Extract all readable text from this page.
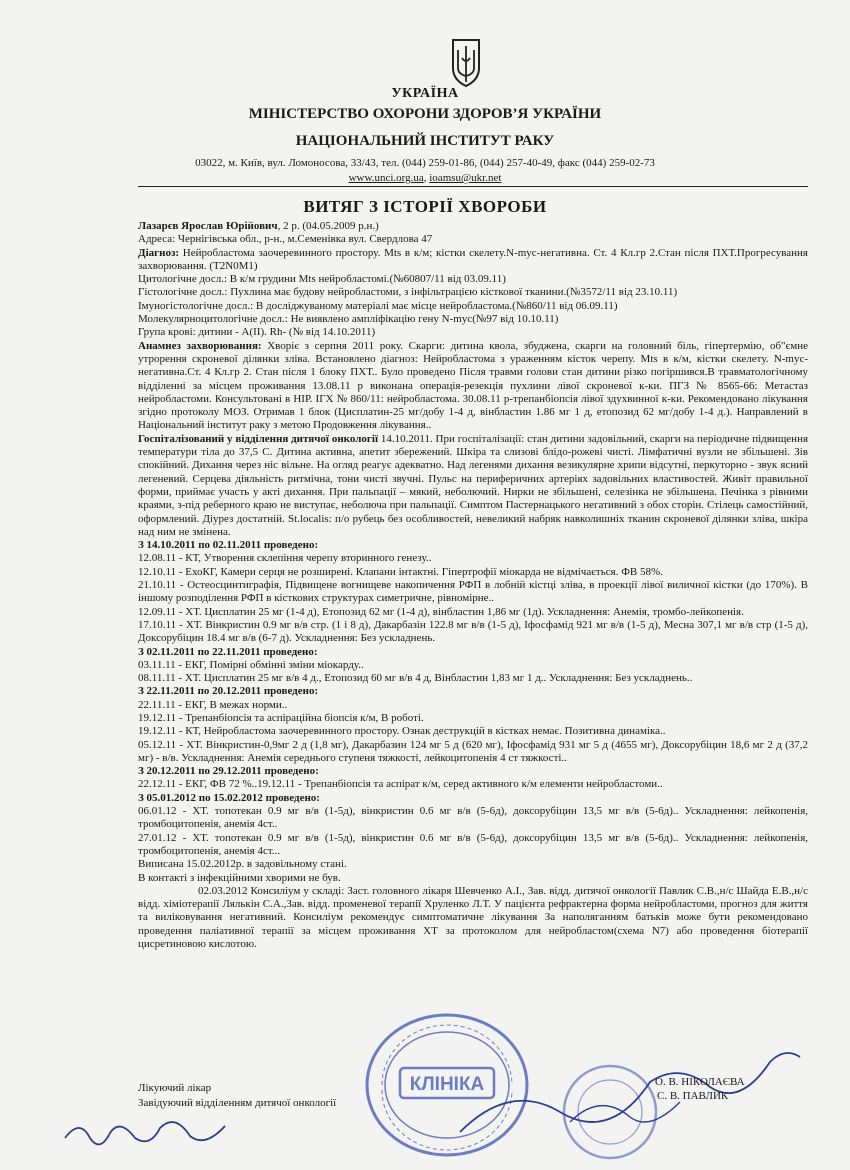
УКРАЇНА
МІНІСТЕРСТВО ОХОРОНИ ЗДОРОВ’Я УКРАЇНИ
НАЦІОНАЛЬНИЙ ІНСТИТУТ РАКУ
03022, м. Київ, вул. Ломоносова, 33/43, тел. (044) 259-01-86, (044) 257-40-49, факс (044) 259-02-73
www.unci.org.ua, ioamsu@ukr.net
ВИТЯГ З ІСТОРІЇ ХВОРОБИ

Лазарєв Ярослав Юрійович, 2 р. (04.05.2009 р.н.)

Адреса: Чернігівська обл., р-н., м.Семенівка вул. Свердлова 47

Діагноз: Нейробластома заочеревинного простору. Mts в к/м; кістки скелету.N-myc-негативна. Ст. 4 Кл.гр 2.Стан після ПХТ.Прогресування захворювання. (T2N0M1)

Цитологічне досл.: В к/м грудини Mts нейробластомі.(№60807/11 від 03.09.11)

Гістологічне досл.: Пухлина має будову нейробластоми, з інфільтрацією кісткової тканини.(№3572/11 від 23.10.11)

Імуногістологічне досл.: В досліджуваному матеріалі має місце нейробластома.(№860/11 від 06.09.11)

Молекулярноцитологічне досл.: Не виявлено ампліфікацію гену N-myc(№97 від 10.10.11)

Група крові: дитини - A(II). Rh- (№ від 14.10.2011)

Анамнез захворювання: Хворіє з серпня 2011 року. Скарги: дитина кволa, збуджена, скарги на головний біль, гіпертермію, об"ємне утрорення скроневої ділянки зліва. Встановлено діагноз: Нейробластома з ураженням кісток черепу. Mts в к/м, кістки скелету. N-myc-негативна.Ст. 4 Кл.гр 2. Стан після 1 блоку ПХТ.. Було проведено Після травми голови стан дитини різко погіршився.В травматологічному відділенні за місцем проживання 13.08.11 р виконана операція-резекція пухлини лівої скроневої к-ки. ПГЗ № 8565-66: Метастаз нейробластоми. Консультовані в НІР. ІГХ № 860/11: нейробластома. 30.08.11 р-трепанбіопсія лівої здухвинної к-ки. Рекомендовано лікування згідно протоколу МОЗ. Отримав 1 блок (Цисплатин-25 мг/добу 1-4 д, вінбластин 1.86 мг 1 д, етопозид 62 мг/добу 1-4 д.). Направлений в Національний інститут раку з метою Продовження лікування..

Госпіталізований у відділення дитячої онкології 14.10.2011. При госпіталізації: стан дитини задовільний, скарги на періодичне підвищення температури тіла до 37,5 С. Дитина активна, апетит збережений. Шкіра та слизові блідо-рожеві чисті. Лімфатичні вузли не збільшені. Зів спокійний. Дихання через ніс вільне. На огляд реагує адекватно. Над легенями дихання везикулярне хрипи відсутні, перкуторно - звук ясний легеневий. Серцева діяльність ритмічна, тони чисті звучні. Пульс на периферичних артеріях задовільних властивостей. Живіт правильної форми, приймає участь у акті дихання. При пальпації – мякий, неболючий. Нирки не збільшені, селезінка не збільшена. Печінка з рівними краями, з-під реберного краю не виступає, неболюча при пальпації. Симптом Пастернацького негативний з обох сторін. Стілець самостійний, оформлений. Діурез достатній. St.localis: п/о рубець без особливостей, невеликий набряк навколишніх тканин скроневої ділянки зліва, шкіра над ним не змінена.

З 14.10.2011 по 02.11.2011 проведено:

12.08.11 - КТ, Утворення склепіння черепу вторинного генезу..

12.10.11 - ЕхоКГ, Камери серця не розширені. Клапани інтактні. Гіпертрофії міокарда не відмічається. ФВ 58%.

21.10.11 - Остеосцинтиграфія, Підвищене вогнищеве накопичення РФП в лобній кістці зліва, в проекції лівої виличної кістки (до 170%). В іншому розподілення РФП в кісткових структурах симетричне, рівномірне..

12.09.11 - ХТ. Цисплатин 25 мг (1-4 д), Етопозид 62 мг (1-4 д), вінбластин 1,86 мг (1д). Ускладнення: Анемія, тромбо-лейкопенія.

17.10.11 - ХТ. Вінкристин 0.9 мг в/в стр. (1 і 8 д), Дакарбазін 122.8 мг в/в (1-5 д), Іфосфамід 921 мг в/в (1-5 д), Месна 307,1 мг в/в стр (1-5 д), Доксорубіцин 18.4 мг в/в (6-7 д). Ускладнення: Без ускладнень.

З 02.11.2011 по 22.11.2011 проведено:

03.11.11 - ЕКГ, Помірні обмінні зміни міокарду..

08.11.11 - ХТ. Цисплатин 25 мг в/в 4 д., Етопозид 60 мг в/в 4 д, Вінбластин 1,83 мг 1 д.. Ускладнення: Без ускладнень..

З 22.11.2011 по 20.12.2011 проведено:

22.11.11 - ЕКГ, В межах норми..

19.12.11 - Трепанбіопсія та аспіраційна біопсія к/м, В роботі.

19.12.11 - КТ, Нейробластома заочеревинного простору. Ознак деструкцій в кістках немає. Позитивна динаміка..

05.12.11 - ХТ. Вінкристин-0,9мг 2 д (1,8 мг), Дакарбазин 124 мг 5 д (620 мг), Іфосфамід 931 мг 5 д (4655 мг), Доксорубіцин 18,6 мг 2 д (37,2 мг) - в/в. Ускладнення: Анемія середнього ступеня тяжкості, лейкоцитопенія 4 ст тяжкості..

З 20.12.2011 по 29.12.2011 проведено:

22.12.11 - ЕКГ, ФВ 72 %..19.12.11 - Трепанбіопсія та аспірат к/м, серед активного к/м елементи нейробластоми..

З 05.01.2012 по 15.02.2012 проведено:

06.01.12 - ХТ. топотекан 0.9 мг в/в (1-5д), вінкристин 0.6 мг в/в (5-6д), доксорубіцин 13,5 мг в/в (5-6д).. Ускладнення: лейкопенія, тромбоцитопенія, анемія 4ст..

27.01.12 - ХТ. топотекан 0.9 мг в/в (1-5д), вінкристин 0.6 мг в/в (5-6д), доксорубіцин 13,5 мг в/в (5-6д).. Ускладнення: лейкопенія, тромбоцитопенія, анемія 4ст...

Виписана 15.02.2012р. в задовільному стані.

В контакті з інфекційними хворими не був.

02.03.2012 Консиліум у складі: Заст. головного лікаря Шевченко А.І., Зав. відд. дитячої онкології Павлик С.В.,н/с Шайда Е.В.,н/с відд. хіміотерапії Лялькін С.А.,Зав. відд. променевої терапії Хруленко Л.Т. У пацієнта рефрактерна форма нейробластоми, прогноз для життя та виліковування негативний. Консиліум рекомендує симптоматичне лікування За наполяганням батьків може бути рекомендовано проведення паліативної терапії за місцем проживання ХТ за протоколом для нейробластом(схема N7) або проведення біотерапії цисретиновою кислотою.

КЛІНІКА
Лікуючий лікар
Завідуючий відділенням дитячої онкології
О. В. НІКОЛАЄВА
С. В. ПАВЛИК
